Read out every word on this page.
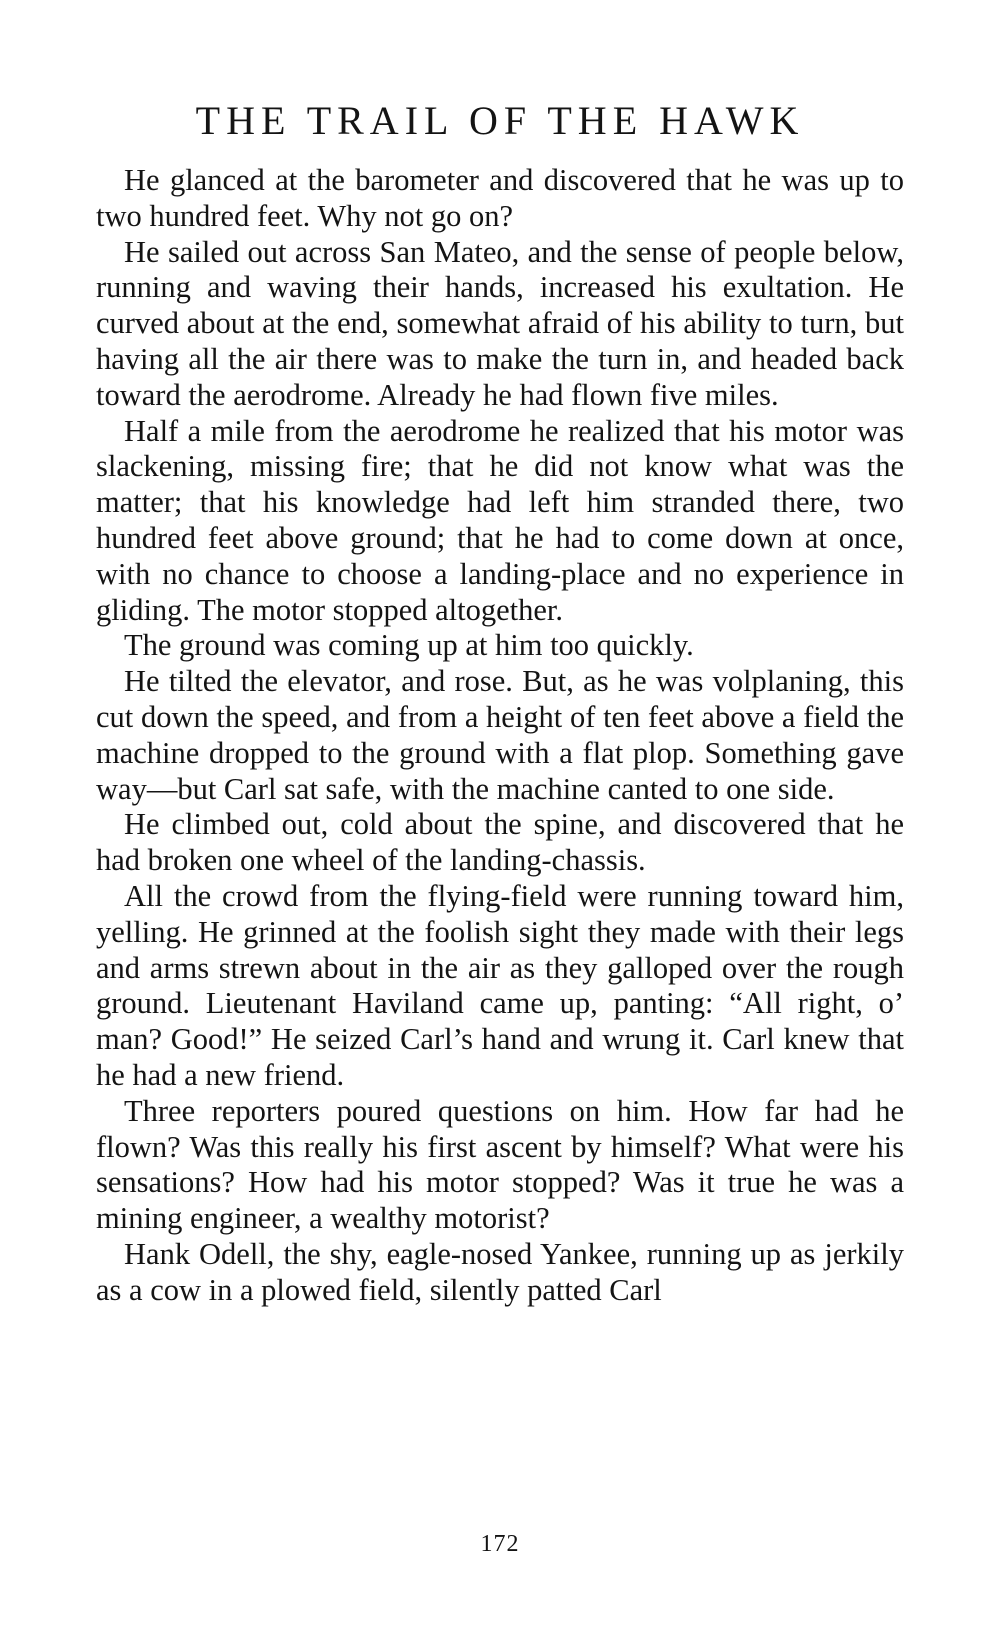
THE TRAIL OF THE HAWK

He glanced at the barometer and discovered that he was up to two hundred feet. Why not go on?

He sailed out across San Mateo, and the sense of people below, running and waving their hands, increased his exultation. He curved about at the end, somewhat afraid of his ability to turn, but having all the air there was to make the turn in, and headed back toward the aerodrome. Already he had flown five miles.

Half a mile from the aerodrome he realized that his motor was slackening, missing fire; that he did not know what was the matter; that his knowledge had left him stranded there, two hundred feet above ground; that he had to come down at once, with no chance to choose a landing-place and no experience in gliding. The motor stopped altogether.

The ground was coming up at him too quickly.

He tilted the elevator, and rose. But, as he was volplaning, this cut down the speed, and from a height of ten feet above a field the machine dropped to the ground with a flat plop. Something gave way—but Carl sat safe, with the machine canted to one side.

He climbed out, cold about the spine, and discovered that he had broken one wheel of the landing-chassis.

All the crowd from the flying-field were running toward him, yelling. He grinned at the foolish sight they made with their legs and arms strewn about in the air as they galloped over the rough ground. Lieutenant Haviland came up, panting: “All right, o’ man? Good!” He seized Carl’s hand and wrung it. Carl knew that he had a new friend.

Three reporters poured questions on him. How far had he flown? Was this really his first ascent by himself? What were his sensations? How had his motor stopped? Was it true he was a mining engineer, a wealthy motorist?

Hank Odell, the shy, eagle-nosed Yankee, running up as jerkily as a cow in a plowed field, silently patted Carl

172
